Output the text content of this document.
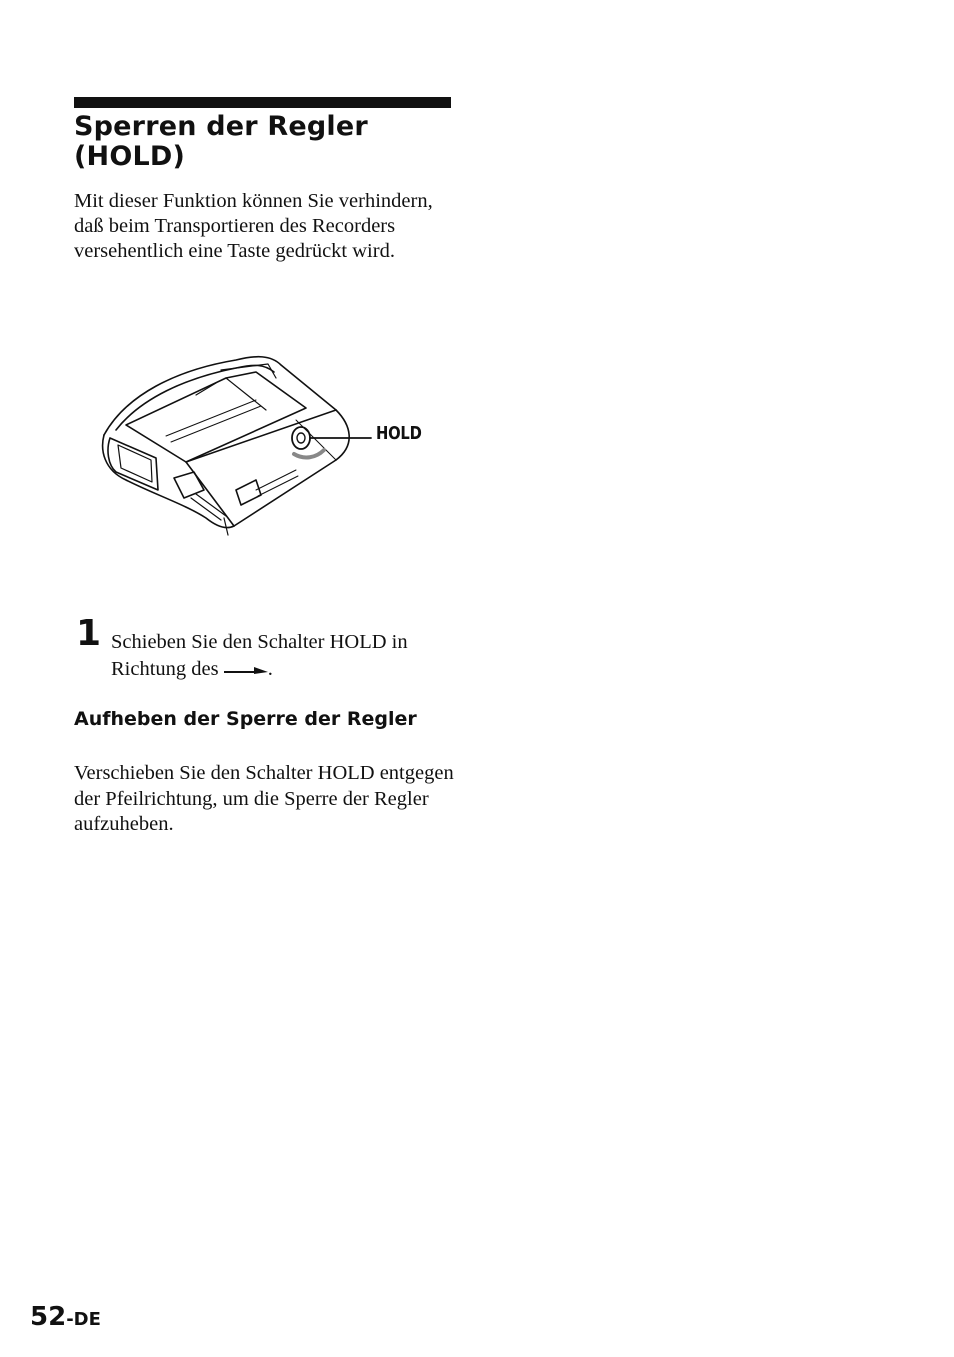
Sperren der Regler
(HOLD)

Mit dieser Funktion können Sie verhindern, daß beim Transportieren des Recorders versehentlich eine Taste gedrückt wird.

HOLD

1 Schieben Sie den Schalter HOLD in Richtung des .

Aufheben der Sperre der Regler

Verschieben Sie den Schalter HOLD entgegen der Pfeilrichtung, um die Sperre der Regler aufzuheben.

52-DE
